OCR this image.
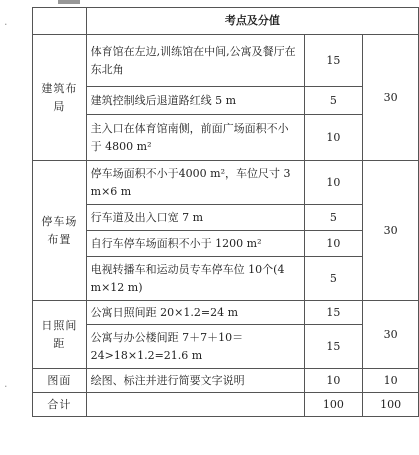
·
·
	考点及分值		
建筑布局	体育馆在左边,训练馆在中间,公寓及餐厅在东北角	15	30
	建筑控制线后退道路红线 5 m	5	
	主入口在体育馆南侧，前面广场面积不小于 4800 m²	10	
停车场布置	停车场面积不小于4000 m²，车位尺寸 3 m×6 m	10	30
	行车道及出入口宽 7 m	5	
	自行车停车场面积不小于 1200 m²	10	
	电视转播车和运动员专车停车位 10个(4 m×12 m)	5	
日照间距	公寓日照间距 20×1.2=24 m	15	30
	公寓与办公楼间距 7＋7＋10＝24>18×1.2=21.6 m	15	
图面	绘图、标注并进行简要文字说明	10	10
合计		100	100
